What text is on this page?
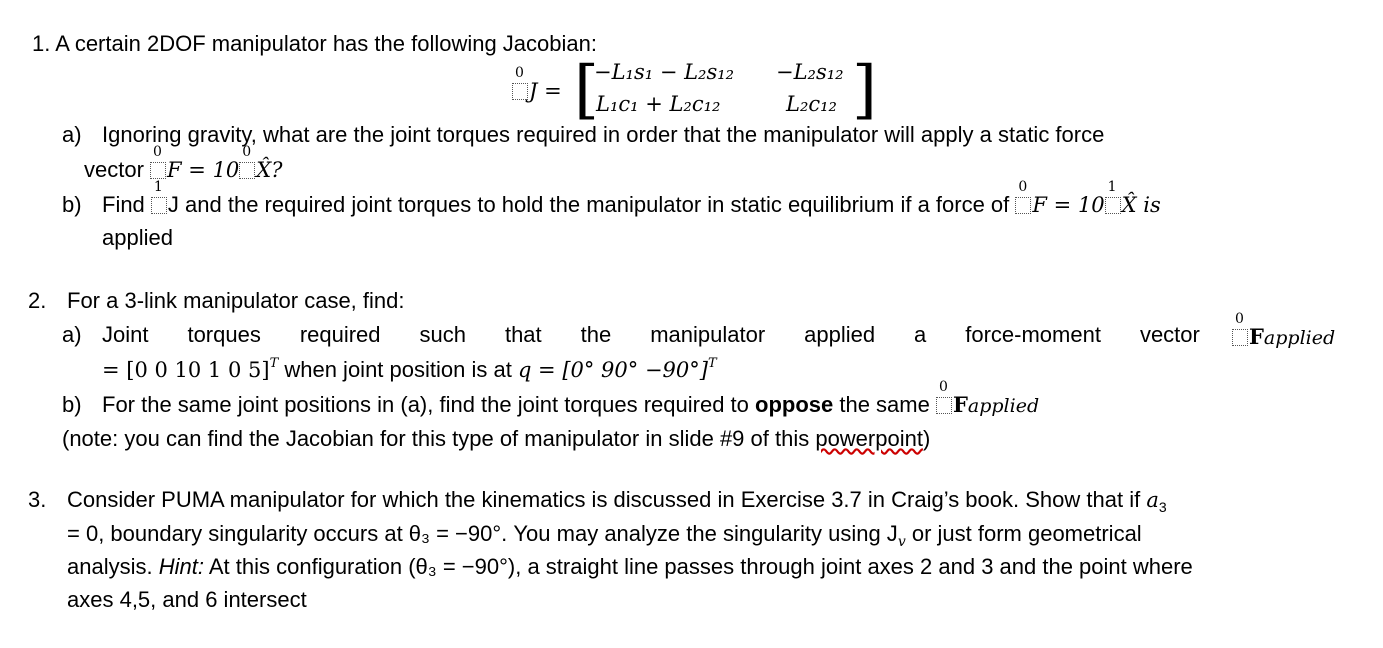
1. A certain 2DOF manipulator has the following Jacobian:
0
J = [
−L₁s₁ − L₂s₁₂ −L₂s₁₂
L₁c₁ + L₂c₁₂	L₂c₁₂ ]
a) Ignoring gravity, what are the joint torques required in order that the manipulator will apply a static force
vector
0
F = 10
0
X̂?
b) Find
1
J and the required joint torques to hold the manipulator in static equilibrium if a force of
0
F = 10
1
X̂ is
applied
2. For a 3-link manipulator case, find:
a) Joint torques required such that the manipulator applied a force-moment vector
0
Fapplied
= [0 0 10 1 0 5]$^T$ when joint position is at q = [0° 90° −90°]$^T$
b) For the same joint positions in (a), find the joint torques required to oppose the same
0
Fapplied
(note: you can find the Jacobian for this type of manipulator in slide #9 of this powerpoint)
3. Consider PUMA manipulator for which the kinematics is discussed in Exercise 3.7 in Craig’s book. Show that if $a_3$
= 0, boundary singularity occurs at θ₃ = −90°. You may analyze the singularity using $J_v$ or just form geometrical
analysis. Hint: At this configuration (θ₃ = −90°), a straight line passes through joint axes 2 and 3 and the point where
axes 4,5, and 6 intersect
